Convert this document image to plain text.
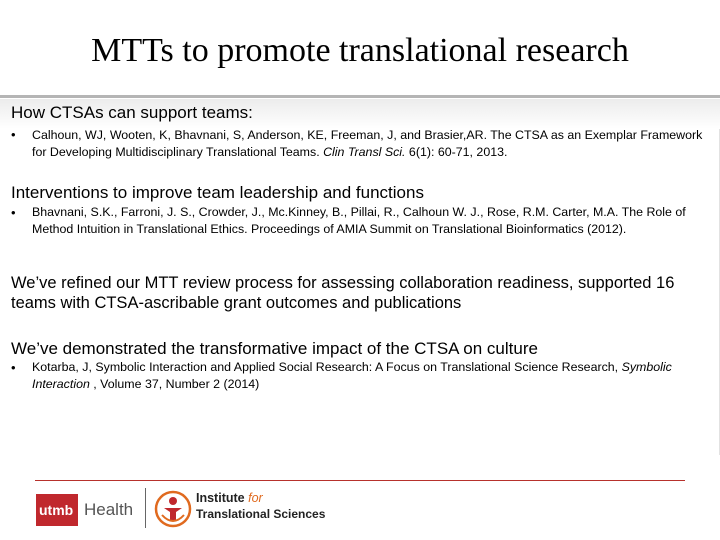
MTTs to promote translational research
How CTSAs can support teams:
• Calhoun, WJ, Wooten, K, Bhavnani, S, Anderson, KE, Freeman, J, and Brasier,AR. The CTSA as an Exemplar Framework for Developing Multidisciplinary Translational Teams. Clin Transl Sci. 6(1): 60-71, 2013.
Interventions to improve team leadership and functions
• Bhavnani, S.K., Farroni, J. S., Crowder, J., Mc.Kinney, B., Pillai, R., Calhoun W. J., Rose, R.M. Carter, M.A. The Role of Method Intuition in Translational Ethics. Proceedings of AMIA Summit on Translational Bioinformatics (2012).
We’ve refined our MTT review process for assessing collaboration readiness, supported 16 teams with CTSA-ascribable grant outcomes and publications
We’ve demonstrated the transformative impact of the CTSA on culture
• Kotarba, J, Symbolic Interaction and Applied Social Research: A Focus on Translational Science Research, Symbolic Interaction , Volume 37, Number 2 (2014)
utmb Health
Institute for
Translational Sciences
